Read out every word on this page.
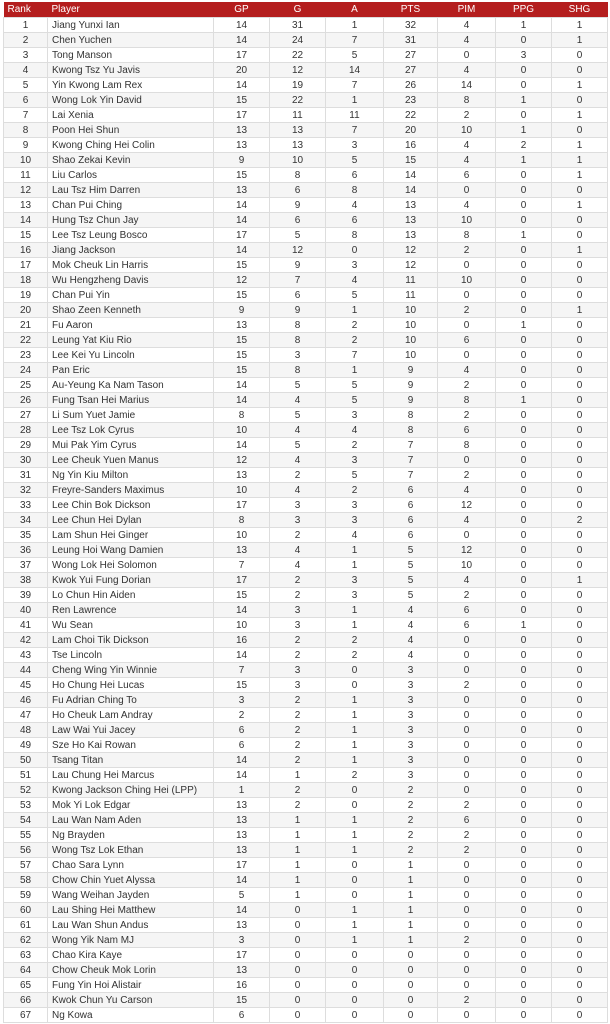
Rank	Player	GP	G	A	PTS	PIM	PPG	SHG
1	Jiang Yunxi Ian	14	31	1	32	4	1	1
2	Chen Yuchen	14	24	7	31	4	0	1
3	Tong Manson	17	22	5	27	0	3	0
4	Kwong Tsz Yu Javis	20	12	14	27	4	0	0
5	Yin Kwong Lam Rex	14	19	7	26	14	0	1
6	Wong Lok Yin David	15	22	1	23	8	1	0
7	Lai Xenia	17	11	11	22	2	0	1
8	Poon Hei Shun	13	13	7	20	10	1	0
9	Kwong Ching Hei Colin	13	13	3	16	4	2	1
10	Shao Zekai Kevin	9	10	5	15	4	1	1
11	Liu Carlos	15	8	6	14	6	0	1
12	Lau Tsz Him Darren	13	6	8	14	0	0	0
13	Chan Pui Ching	14	9	4	13	4	0	1
14	Hung Tsz Chun Jay	14	6	6	13	10	0	0
15	Lee Tsz Leung Bosco	17	5	8	13	8	1	0
16	Jiang Jackson	14	12	0	12	2	0	1
17	Mok Cheuk Lin Harris	15	9	3	12	0	0	0
18	Wu Hengzheng Davis	12	7	4	11	10	0	0
19	Chan Pui Yin	15	6	5	11	0	0	0
20	Shao Zeen Kenneth	9	9	1	10	2	0	1
21	Fu Aaron	13	8	2	10	0	1	0
22	Leung Yat Kiu Rio	15	8	2	10	6	0	0
23	Lee Kei Yu Lincoln	15	3	7	10	0	0	0
24	Pan Eric	15	8	1	9	4	0	0
25	Au-Yeung Ka Nam Tason	14	5	5	9	2	0	0
26	Fung Tsan Hei Marius	14	4	5	9	8	1	0
27	Li Sum Yuet Jamie	8	5	3	8	2	0	0
28	Lee Tsz Lok Cyrus	10	4	4	8	6	0	0
29	Mui Pak Yim Cyrus	14	5	2	7	8	0	0
30	Lee Cheuk Yuen Manus	12	4	3	7	0	0	0
31	Ng Yin Kiu Milton	13	2	5	7	2	0	0
32	Freyre-Sanders Maximus	10	4	2	6	4	0	0
33	Lee Chin Bok Dickson	17	3	3	6	12	0	0
34	Lee Chun Hei Dylan	8	3	3	6	4	0	2
35	Lam Shun Hei Ginger	10	2	4	6	0	0	0
36	Leung Hoi Wang Damien	13	4	1	5	12	0	0
37	Wong Lok Hei Solomon	7	4	1	5	10	0	0
38	Kwok Yui Fung Dorian	17	2	3	5	4	0	1
39	Lo Chun Hin Aiden	15	2	3	5	2	0	0
40	Ren Lawrence	14	3	1	4	6	0	0
41	Wu Sean	10	3	1	4	6	1	0
42	Lam Choi Tik Dickson	16	2	2	4	0	0	0
43	Tse Lincoln	14	2	2	4	0	0	0
44	Cheng Wing Yin Winnie	7	3	0	3	0	0	0
45	Ho Chung Hei Lucas	15	3	0	3	2	0	0
46	Fu Adrian Ching To	3	2	1	3	0	0	0
47	Ho Cheuk Lam Andray	2	2	1	3	0	0	0
48	Law Wai Yui Jacey	6	2	1	3	0	0	0
49	Sze Ho Kai Rowan	6	2	1	3	0	0	0
50	Tsang Titan	14	2	1	3	0	0	0
51	Lau Chung Hei Marcus	14	1	2	3	0	0	0
52	Kwong Jackson Ching Hei (LPP)	1	2	0	2	0	0	0
53	Mok Yi Lok Edgar	13	2	0	2	2	0	0
54	Lau Wan Nam Aden	13	1	1	2	6	0	0
55	Ng Brayden	13	1	1	2	2	0	0
56	Wong Tsz Lok Ethan	13	1	1	2	2	0	0
57	Chao Sara Lynn	17	1	0	1	0	0	0
58	Chow Chin Yuet Alyssa	14	1	0	1	0	0	0
59	Wang Weihan Jayden	5	1	0	1	0	0	0
60	Lau Shing Hei Matthew	14	0	1	1	0	0	0
61	Lau Wan Shun Andus	13	0	1	1	0	0	0
62	Wong Yik Nam MJ	3	0	1	1	2	0	0
63	Chao Kira Kaye	17	0	0	0	0	0	0
64	Chow Cheuk Mok Lorin	13	0	0	0	0	0	0
65	Fung Yin Hoi Alistair	16	0	0	0	0	0	0
66	Kwok Chun Yu Carson	15	0	0	0	2	0	0
67	Ng Kowa	6	0	0	0	0	0	0
